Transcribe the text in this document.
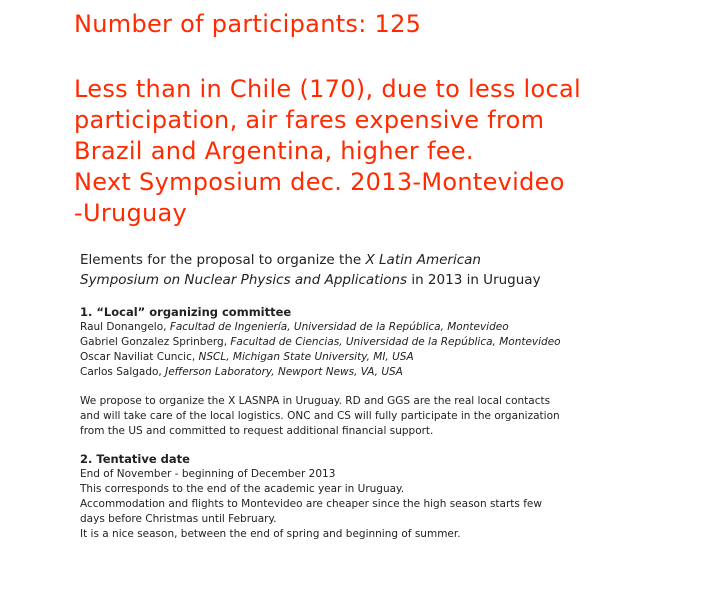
Number of participants: 125

Less than in Chile (170), due to less local
participation, air fares expensive from
Brazil and Argentina, higher fee.
Next Symposium dec. 2013-Montevideo
-Uruguay

Elements for the proposal to organize the X Latin American
Symposium on Nuclear Physics and Applications in 2013 in Uruguay

1. “Local” organizing committee

Raul Donangelo, Facultad de Ingeniería, Universidad de la República, Montevideo

Gabriel Gonzalez Sprinberg, Facultad de Ciencias, Universidad de la República, Montevideo

Oscar Naviliat Cuncic, NSCL, Michigan State University, MI, USA

Carlos Salgado, Jefferson Laboratory, Newport News, VA, USA

We propose to organize the X LASNPA in Uruguay. RD and GGS are the real local contacts

and will take care of the local logistics. ONC and CS will fully participate in the organization

from the US and committed to request additional financial support.

2. Tentative date

End of November - beginning of December 2013

This corresponds to the end of the academic year in Uruguay.

Accommodation and flights to Montevideo are cheaper since the high season starts few

days before Christmas until February.

It is a nice season, between the end of spring and beginning of summer.
